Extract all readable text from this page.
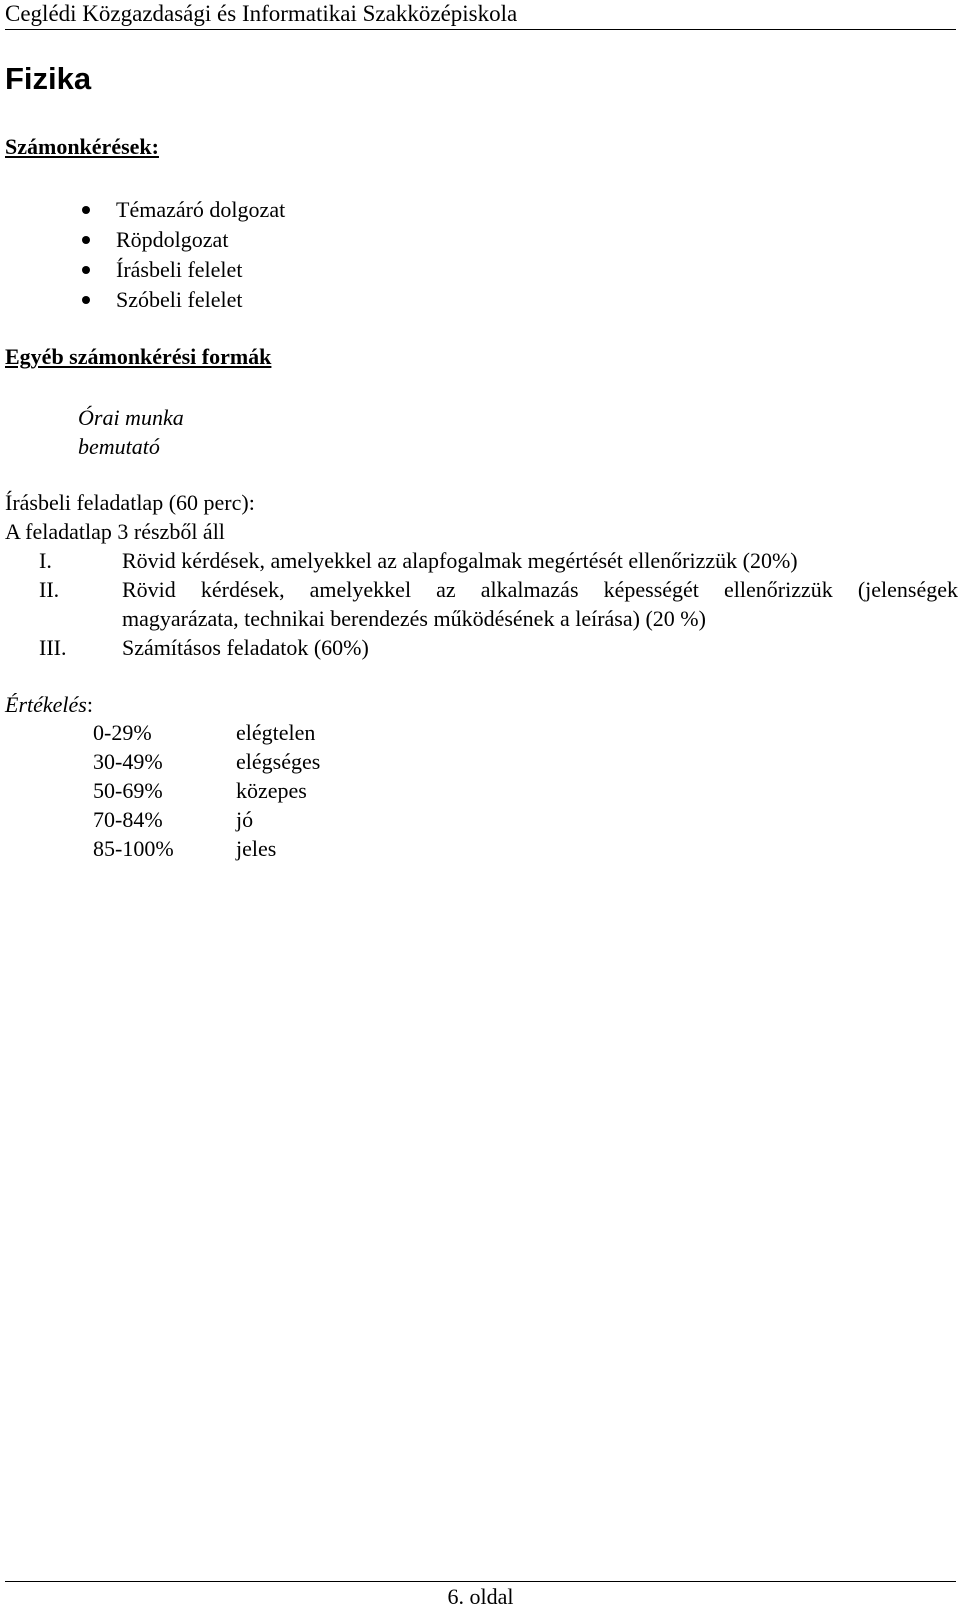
Ceglédi Közgazdasági és Informatikai Szakközépiskola
Fizika
Számonkérések:
Témazáró dolgozat
Röpdolgozat
Írásbeli felelet
Szóbeli felelet
Egyéb számonkérési formák
Órai munka
bemutató
Írásbeli feladatlap (60 perc):
A feladatlap 3 részből áll
I.	Rövid kérdések, amelyekkel az alapfogalmak megértését ellenőrizzük (20%)
II.	Rövid kérdések, amelyekkel az alkalmazás képességét ellenőrizzük (jelenségek
magyarázata, technikai berendezés működésének a leírása) (20 %)
III.	Számításos feladatok (60%)
Értékelés:
0-29%	elégtelen
30-49%	elégséges
50-69%	közepes
70-84%	jó
85-100%	jeles
6. oldal
